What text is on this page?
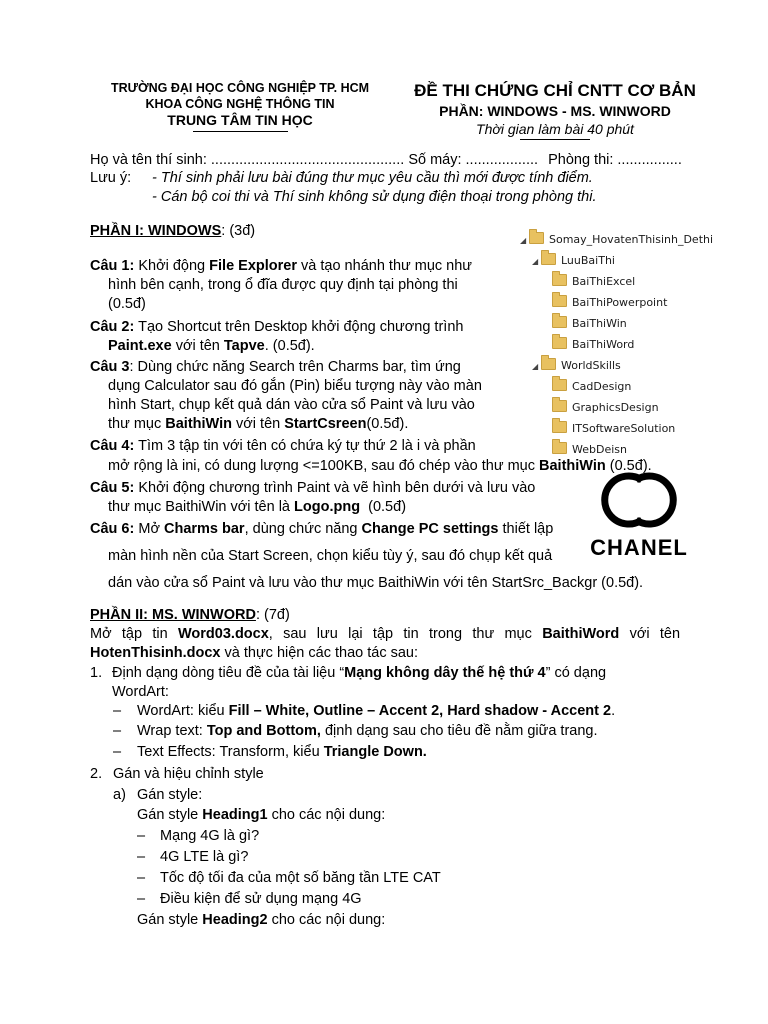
TRƯỜNG ĐẠI HỌC CÔNG NGHIỆP TP. HCM
KHOA CÔNG NGHỆ THÔNG TIN
TRUNG TÂM TIN HỌC
ĐỀ THI CHỨNG CHỈ CNTT CƠ BẢN
PHẦN: WINDOWS - MS. WINWORD
Thời gian làm bài 40 phút
Họ và tên thí sinh: ................................................ Số máy: .................. Phòng thi: ................
Lưu ý: - Thí sinh phải lưu bài đúng thư mục yêu cầu thì mới được tính điểm.
- Cán bộ coi thi và Thí sinh không sử dụng điện thoại trong phòng thi.
PHẦN I: WINDOWS: (3đ)
Câu 1: Khởi động File Explorer và tạo nhánh thư mục như
hình bên cạnh, trong ổ đĩa được quy định tại phòng thi
(0.5đ)
Câu 2: Tạo Shortcut trên Desktop khởi động chương trình
Paint.exe với tên Tapve. (0.5đ).
Câu 3: Dùng chức năng Search trên Charms bar, tìm ứng
dụng Calculator sau đó gắn (Pin) biểu tượng này vào màn
hình Start, chụp kết quả dán vào cửa sổ Paint và lưu vào
thư mục BaithiWin với tên StartCsreen(0.5đ).
Câu 4: Tìm 3 tập tin với tên có chứa ký tự thứ 2 là i và phần
mở rộng là ini, có dung lượng <=100KB, sau đó chép vào thư mục BaithiWin (0.5đ).
Câu 5: Khởi động chương trình Paint và vẽ hình bên dưới và lưu vào
thư mục BaithiWin với tên là Logo.png (0.5đ)
Câu 6: Mở Charms bar, dùng chức năng Change PC settings thiết lập
màn hình nền của Start Screen, chọn kiểu tùy ý, sau đó chụp kết quả
dán vào cửa sổ Paint và lưu vào thư mục BaithiWin với tên StartSrc_Backgr (0.5đ).
◢ Somay_HovatenThisinh_Dethi
◢ LuuBaiThi
BaiThiExcel
BaiThiPowerpoint
BaiThiWin
BaiThiWord
◢ WorldSkills
CadDesign
GraphicsDesign
ITSoftwareSolution
WebDeisn
CHANEL
PHẦN II: MS. WINWORD: (7đ)
Mở tập tin Word03.docx, sau lưu lại tập tin trong thư mục BaithiWord với tên HotenThisinh.docx và thực hiện các thao tác sau:
1. Định dạng dòng tiêu đề của tài liệu “Mạng không dây thế hệ thứ 4” có dạng
WordArt:
– WordArt: kiểu Fill – White, Outline – Accent 2, Hard shadow - Accent 2.
– Wrap text: Top and Bottom, định dạng sau cho tiêu đề nằm giữa trang.
– Text Effects: Transform, kiểu Triangle Down.
2. Gán và hiệu chỉnh style
a) Gán style:
Gán style Heading1 cho các nội dung:
– Mạng 4G là gì?
– 4G LTE là gì?
– Tốc độ tối đa của một số băng tần LTE CAT
– Điều kiện để sử dụng mạng 4G
Gán style Heading2 cho các nội dung:
